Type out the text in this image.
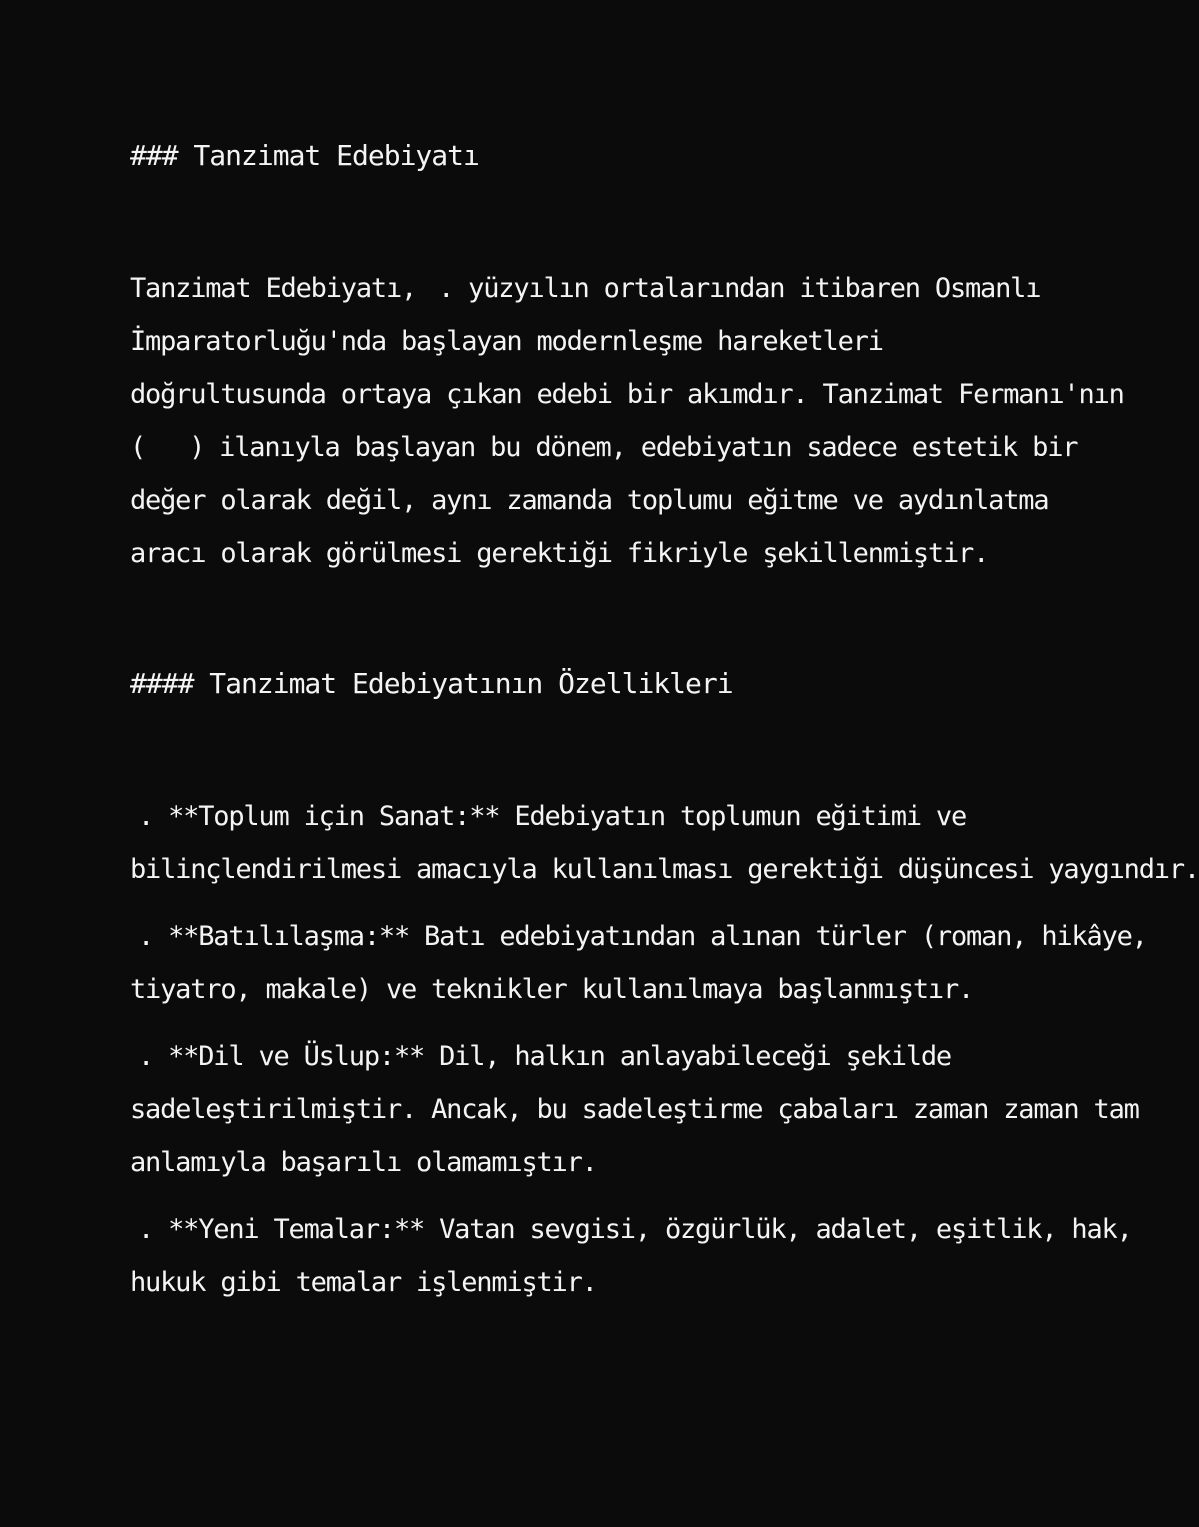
### Tanzimat Edebiyatı
Tanzimat Edebiyatı, . yüzyılın ortalarından itibaren Osmanlı
İmparatorluğu'nda başlayan modernleşme hareketleri
doğrultusunda ortaya çıkan edebi bir akımdır. Tanzimat Fermanı'nın
( ) ilanıyla başlayan bu dönem, edebiyatın sadece estetik bir
değer olarak değil, aynı zamanda toplumu eğitme ve aydınlatma
aracı olarak görülmesi gerektiği fikriyle şekillenmiştir.
#### Tanzimat Edebiyatının Özellikleri
. **Toplum için Sanat:** Edebiyatın toplumun eğitimi ve
bilinçlendirilmesi amacıyla kullanılması gerektiği düşüncesi yaygındır.
. **Batılılaşma:** Batı edebiyatından alınan türler (roman, hikâye,
tiyatro, makale) ve teknikler kullanılmaya başlanmıştır.
. **Dil ve Üslup:** Dil, halkın anlayabileceği şekilde
sadeleştirilmiştir. Ancak, bu sadeleştirme çabaları zaman zaman tam
anlamıyla başarılı olamamıştır.
. **Yeni Temalar:** Vatan sevgisi, özgürlük, adalet, eşitlik, hak,
hukuk gibi temalar işlenmiştir.
